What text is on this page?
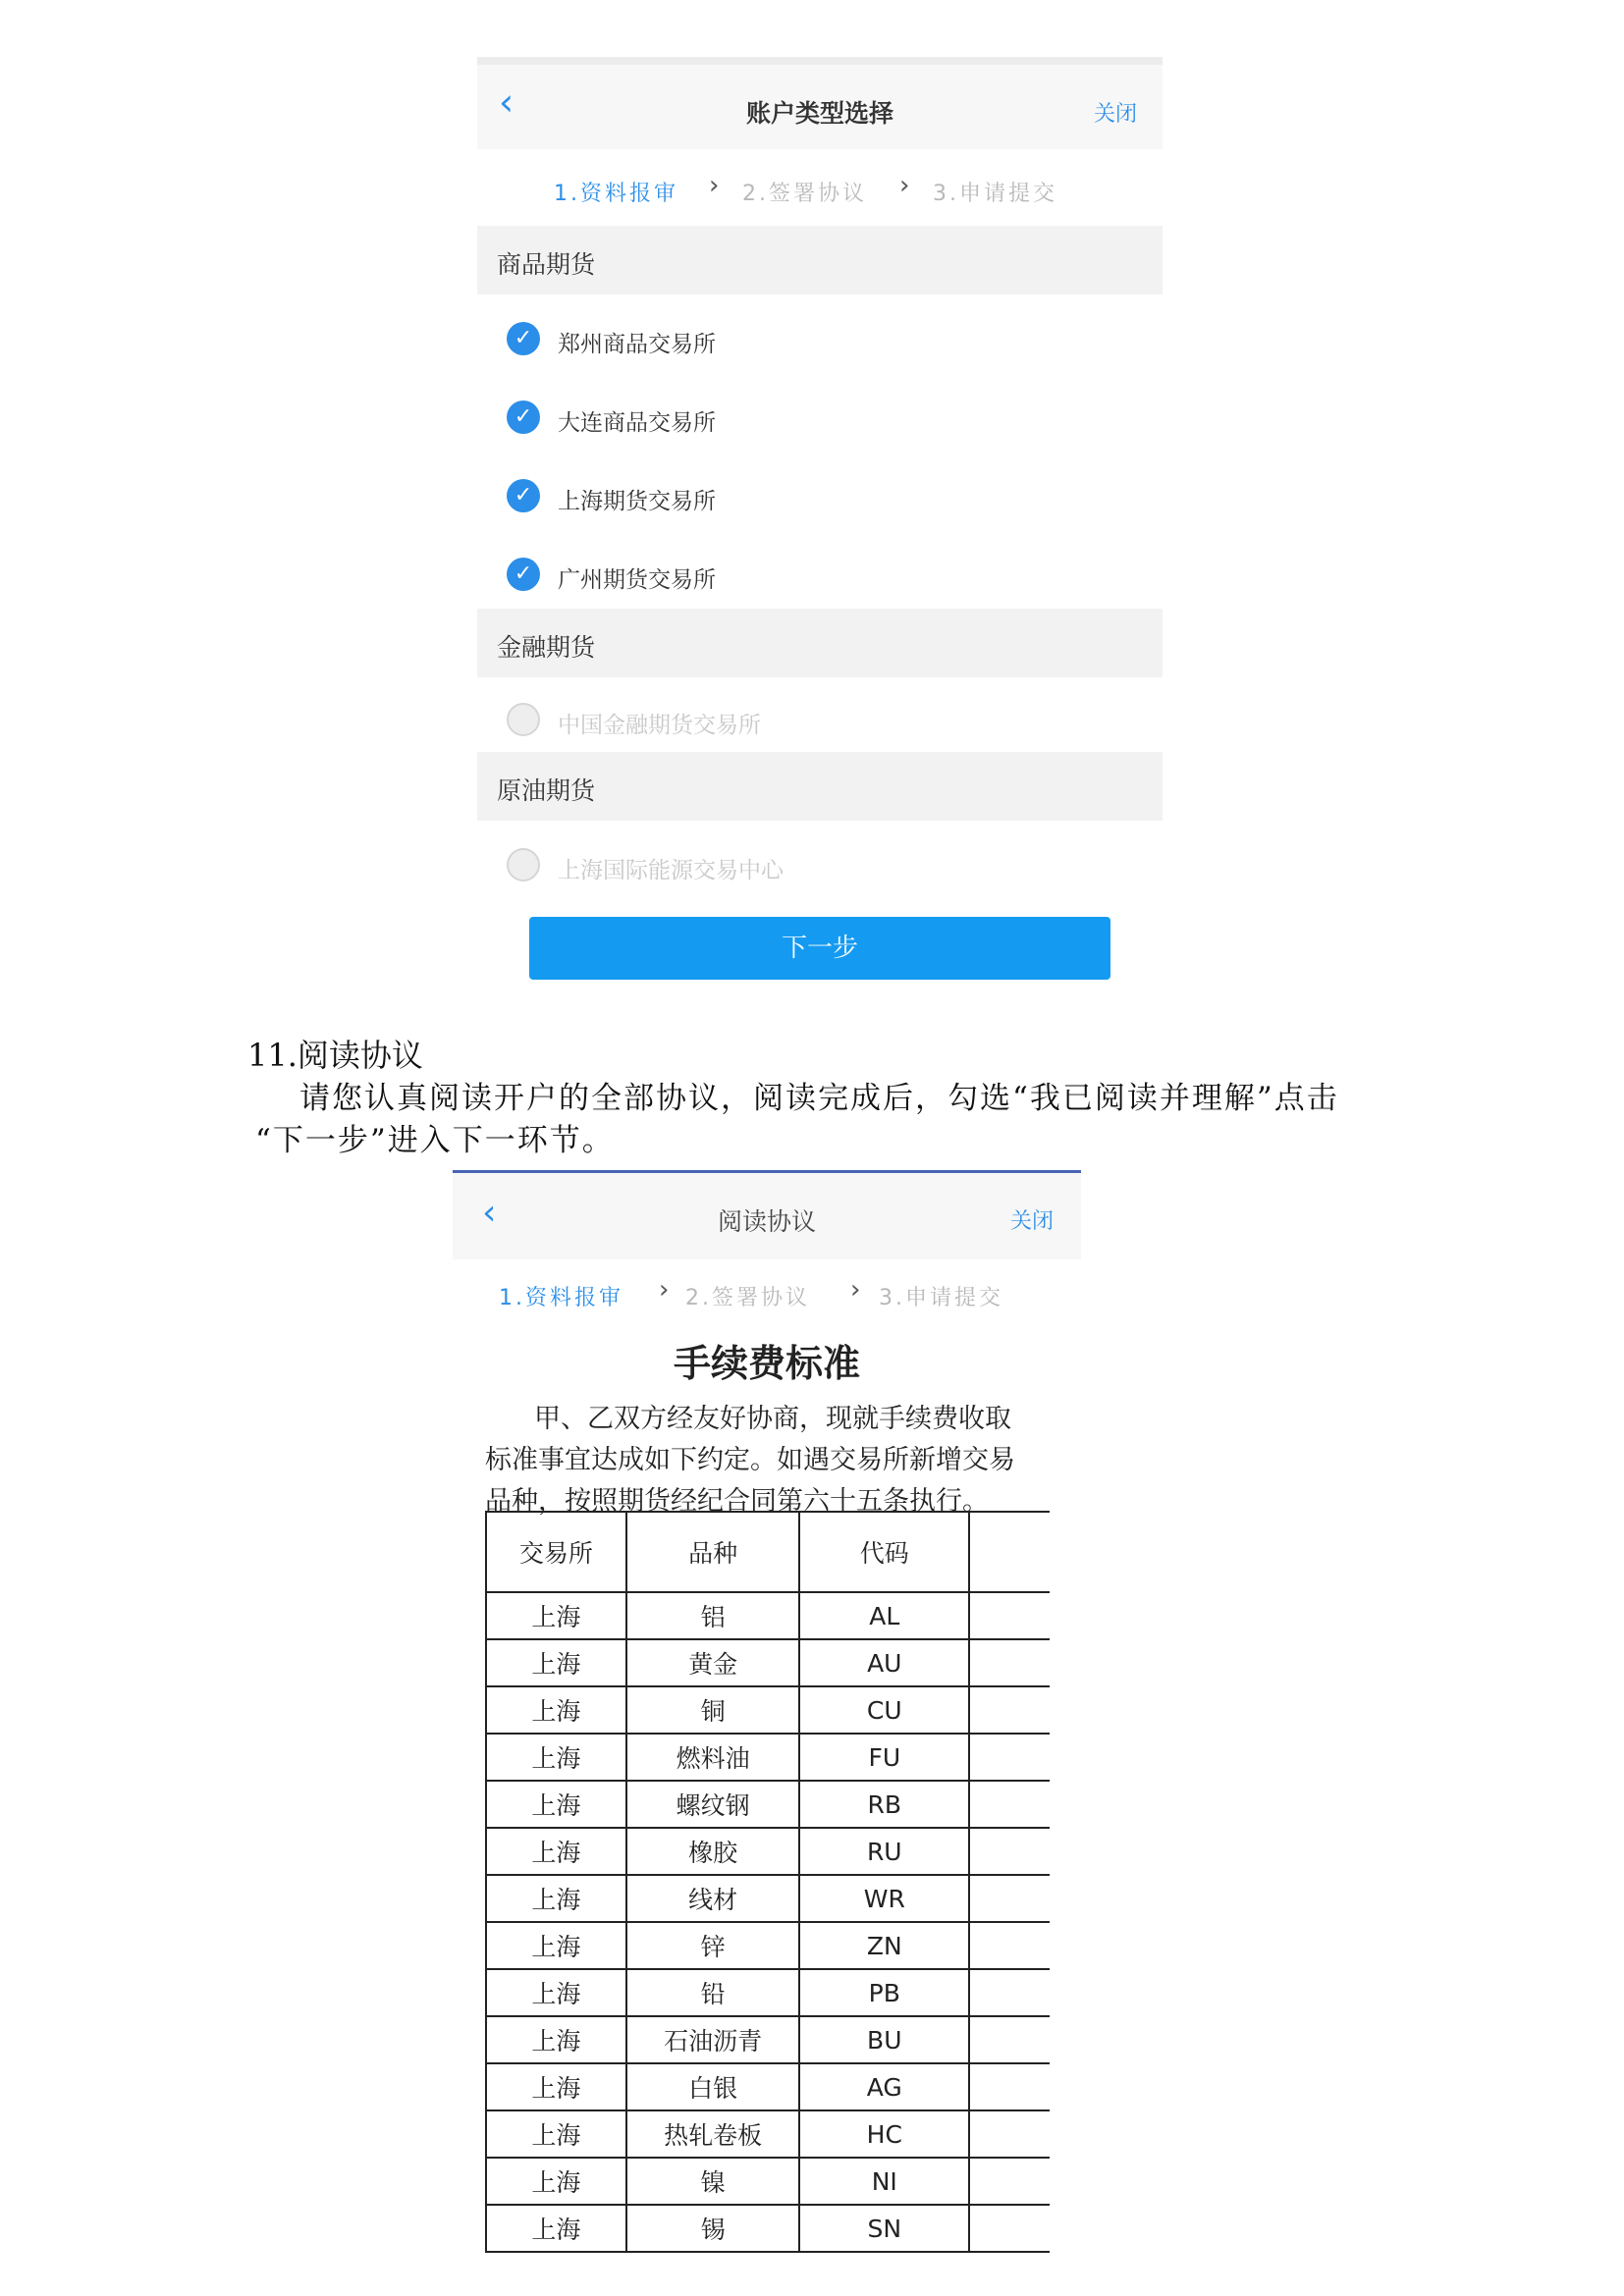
‹	账户类型选择	关闭
1.资料报审 › 2.签署协议 › 3.申请提交
商品期货
✓	郑州商品交易所
✓	大连商品交易所
✓	上海期货交易所
✓	广州期货交易所
金融期货
中国金融期货交易所
原油期货
上海国际能源交易中心
下一步
11.阅读协议
请您认真阅读开户的全部协议，阅读完成后，勾选“我已阅读并理解”点击
“下一步”进入下一环节。
‹	阅读协议	关闭
1.资料报审 › 2.签署协议 › 3.申请提交
手续费标准
甲、乙双方经友好协商，现就手续费收取
标准事宜达成如下约定。如遇交易所新增交易
品种，按照期货经纪合同第六十五条执行。
交易所	品种	代码	
上海	铝	AL	
上海	黄金	AU	
上海	铜	CU	
上海	燃料油	FU	
上海	螺纹钢	RB	
上海	橡胶	RU	
上海	线材	WR	
上海	锌	ZN	
上海	铅	PB	
上海	石油沥青	BU	
上海	白银	AG	
上海	热轧卷板	HC	
上海	镍	NI	
上海	锡	SN	
